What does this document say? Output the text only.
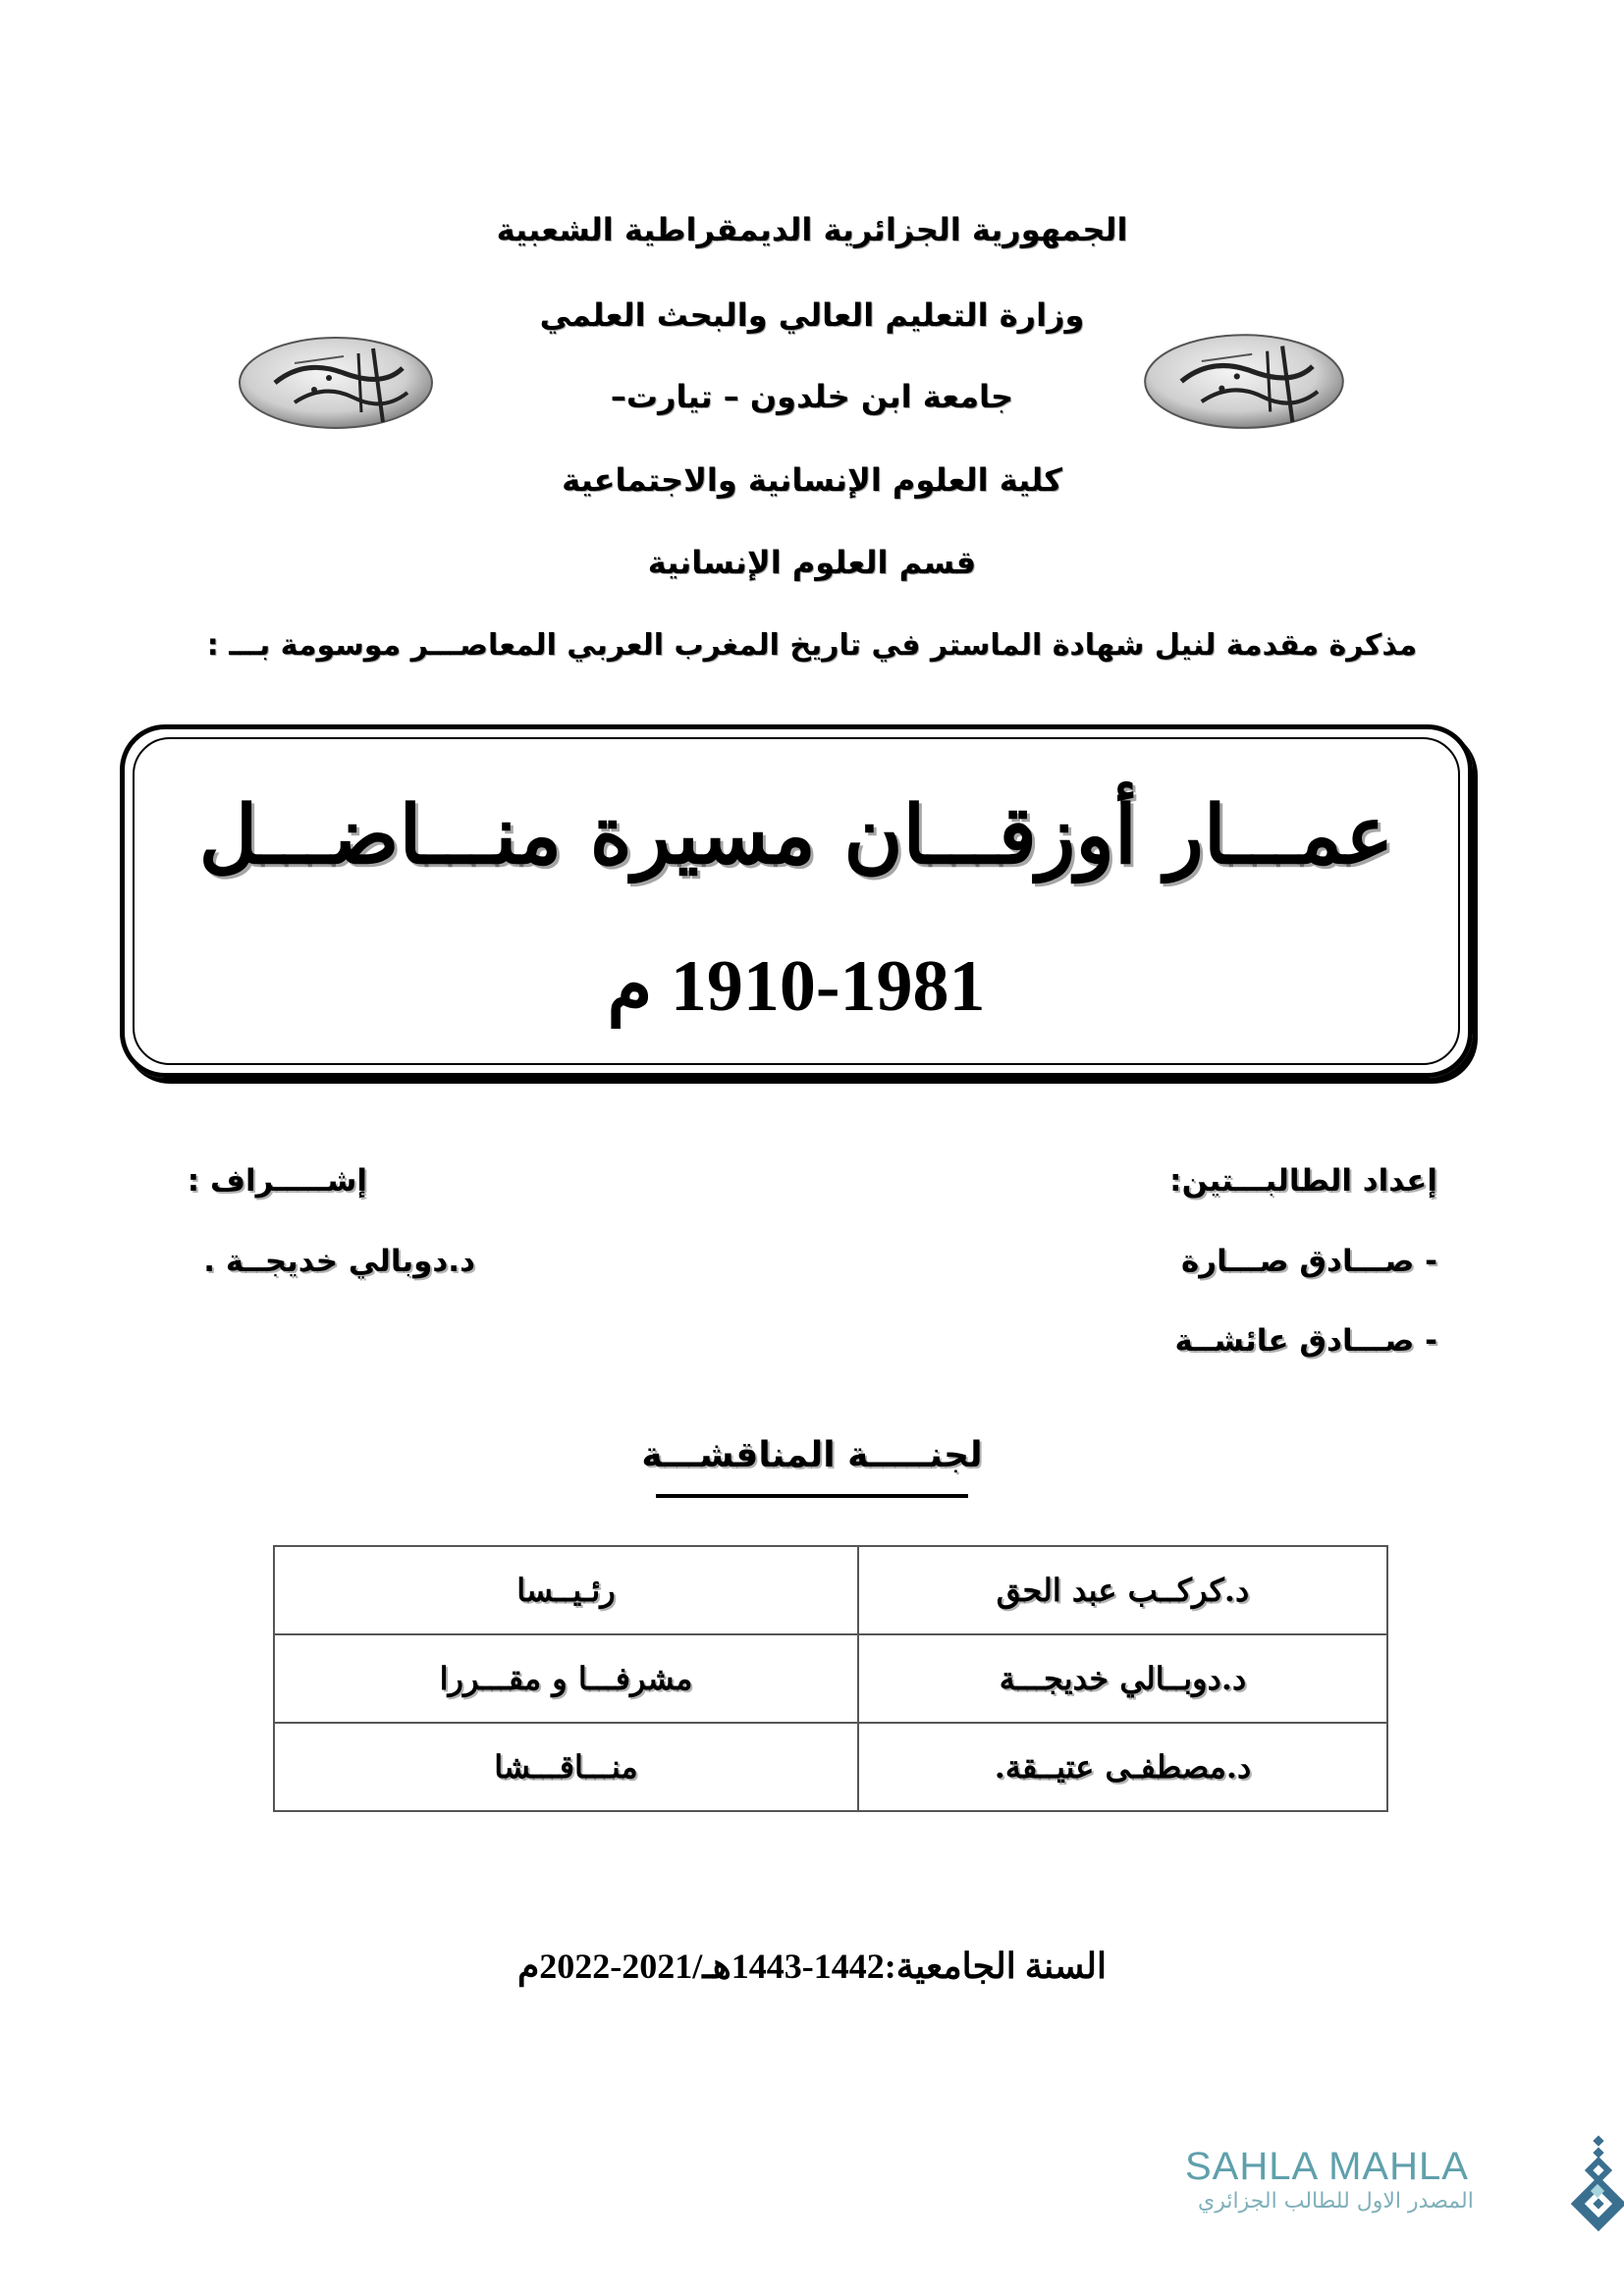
الجمهورية الجزائرية الديمقراطية الشعبية
وزارة التعليم العالي والبحث العلمي
جامعة ابن خلدون – تيارت–
كلية العلوم الإنسانية والاجتماعية
قسم العلوم الإنسانية
مذكرة مقدمة لنيل شهادة الماستر في تاريخ المغرب العربي المعاصـــر موسومة بـــ :
عمـــار أوزقـــان مسيرة منـــاضـــل
1910-1981 م
إعداد الطالبـــتين:
إشـــــراف :
- صـــادق صـــارة
د.دوبالي خديجــة .
- صـــادق عائشــة
لجنـــــة المناقشـــة
د.كركــب عبد الحق	رئـيــسا
د.دوبــالي خديجـــة	مشرفـــا و مقـــررا
د.مصطفـى عتيــقة.	منـــاقـــشا
السنة الجامعية:1442-1443هـ/2021-2022م
SAHLA MAHLA
المصدر الاول للطالب الجزائري
